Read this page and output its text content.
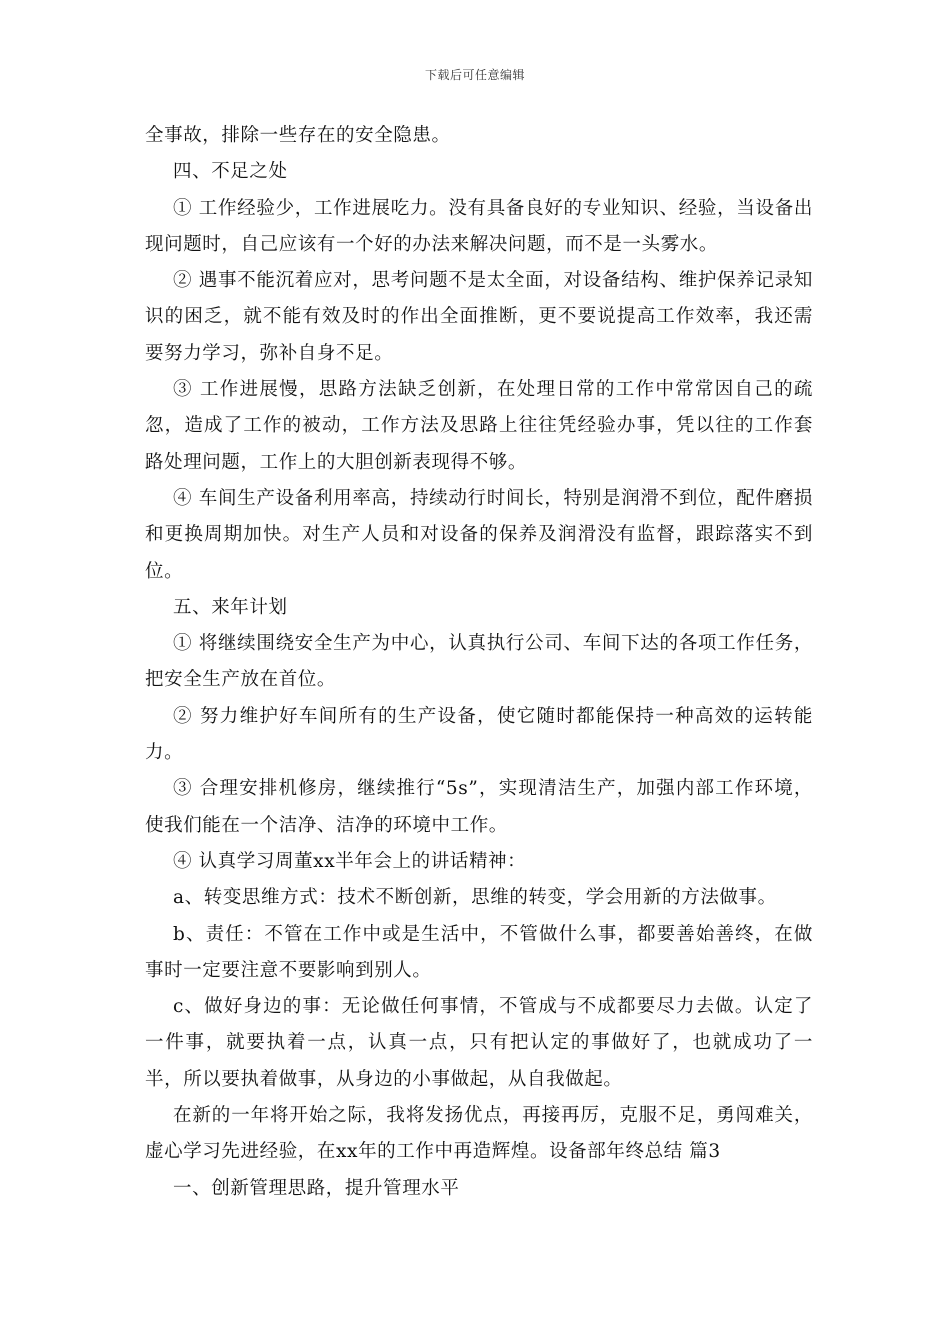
下载后可任意编辑

全事故，排除一些存在的安全隐患。

四、不足之处

① 工作经验少，工作进展吃力。没有具备良好的专业知识、经验，当设备出现问题时，自己应该有一个好的办法来解决问题，而不是一头雾水。

② 遇事不能沉着应对，思考问题不是太全面，对设备结构、维护保养记录知识的困乏，就不能有效及时的作出全面推断，更不要说提高工作效率，我还需要努力学习，弥补自身不足。

③ 工作进展慢，思路方法缺乏创新，在处理日常的工作中常常因自己的疏忽，造成了工作的被动，工作方法及思路上往往凭经验办事，凭以往的工作套路处理问题，工作上的大胆创新表现得不够。

④ 车间生产设备利用率高，持续动行时间长，特别是润滑不到位，配件磨损和更换周期加快。对生产人员和对设备的保养及润滑没有监督，跟踪落实不到位。

五、来年计划

① 将继续围绕安全生产为中心，认真执行公司、车间下达的各项工作任务，把安全生产放在首位。

② 努力维护好车间所有的生产设备，使它随时都能保持一种高效的运转能力。

③ 合理安排机修房，继续推行“5s”，实现清洁生产，加强内部工作环境，使我们能在一个洁净、洁净的环境中工作。

④ 认真学习周董xx半年会上的讲话精神：

a、转变思维方式：技术不断创新，思维的转变，学会用新的方法做事。

b、责任：不管在工作中或是生活中，不管做什么事，都要善始善终，在做事时一定要注意不要影响到别人。

c、做好身边的事：无论做任何事情，不管成与不成都要尽力去做。认定了一件事，就要执着一点，认真一点，只有把认定的事做好了，也就成功了一半，所以要执着做事，从身边的小事做起，从自我做起。

在新的一年将开始之际，我将发扬优点，再接再厉，克服不足，勇闯难关，虚心学习先进经验，在xx年的工作中再造辉煌。设备部年终总结 篇3

一、创新管理思路，提升管理水平
